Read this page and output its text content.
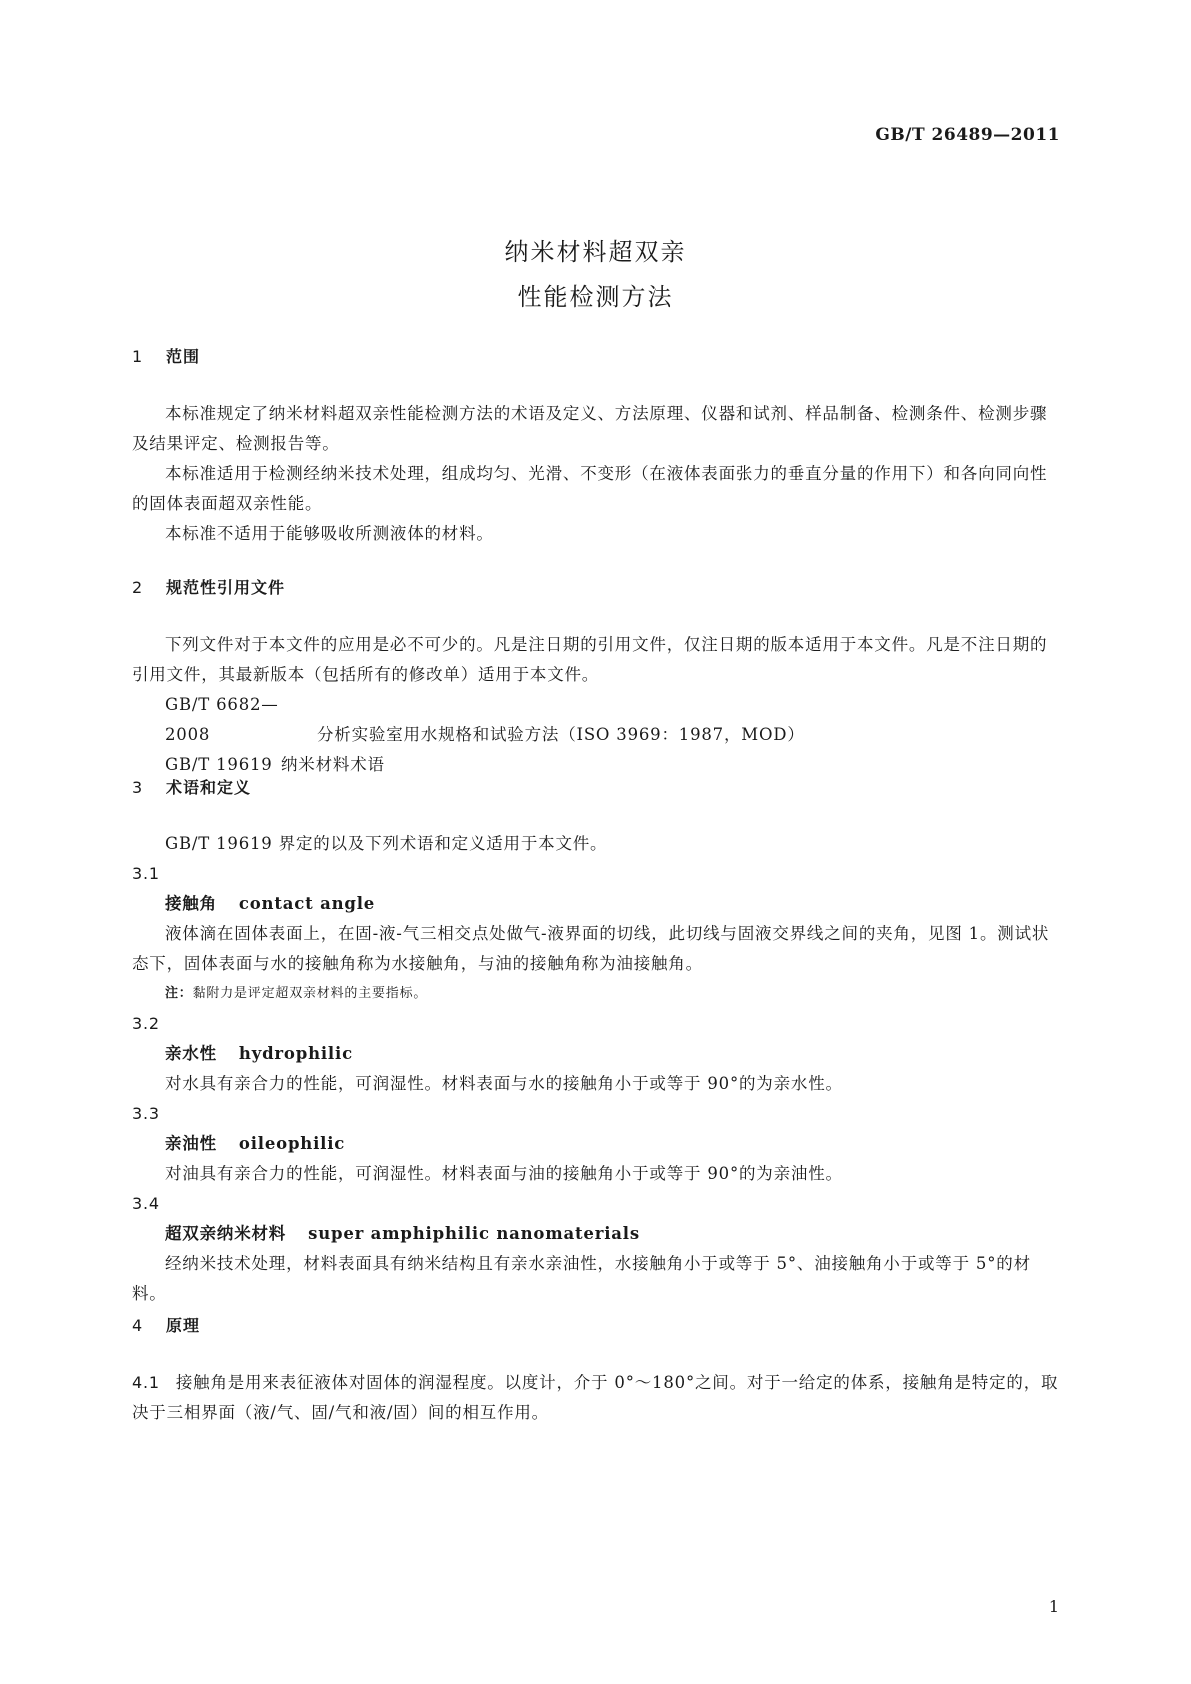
GB/T 26489—2011
纳米材料超双亲
性能检测方法
1 范围

本标准规定了纳米材料超双亲性能检测方法的术语及定义、方法原理、仪器和试剂、样品制备、检测条件、检测步骤及结果评定、检测报告等。

本标准适用于检测经纳米技术处理，组成均匀、光滑、不变形（在液体表面张力的垂直分量的作用下）和各向同向性的固体表面超双亲性能。

本标准不适用于能够吸收所测液体的材料。

2 规范性引用文件

下列文件对于本文件的应用是必不可少的。凡是注日期的引用文件，仅注日期的版本适用于本文件。凡是不注日期的引用文件，其最新版本（包括所有的修改单）适用于本文件。

GB/T 6682—2008	分析实验室用水规格和试验方法（ISO 3969：1987，MOD）

GB/T 19619 纳米材料术语

3 术语和定义

GB/T 19619 界定的以及下列术语和定义适用于本文件。

3.1

接触角 contact angle

液体滴在固体表面上，在固-液-气三相交点处做气-液界面的切线，此切线与固液交界线之间的夹角，见图 1。测试状态下，固体表面与水的接触角称为水接触角，与油的接触角称为油接触角。

注：黏附力是评定超双亲材料的主要指标。

3.2

亲水性 hydrophilic

对水具有亲合力的性能，可润湿性。材料表面与水的接触角小于或等于 90°的为亲水性。

3.3

亲油性 oileophilic

对油具有亲合力的性能，可润湿性。材料表面与油的接触角小于或等于 90°的为亲油性。

3.4

超双亲纳米材料 super amphiphilic nanomaterials

经纳米技术处理，材料表面具有纳米结构且有亲水亲油性，水接触角小于或等于 5°、油接触角小于或等于 5°的材料。

4 原理

4.1 接触角是用来表征液体对固体的润湿程度。以度计，介于 0°～180°之间。对于一给定的体系，接触角是特定的，取决于三相界面（液/气、固/气和液/固）间的相互作用。

1
